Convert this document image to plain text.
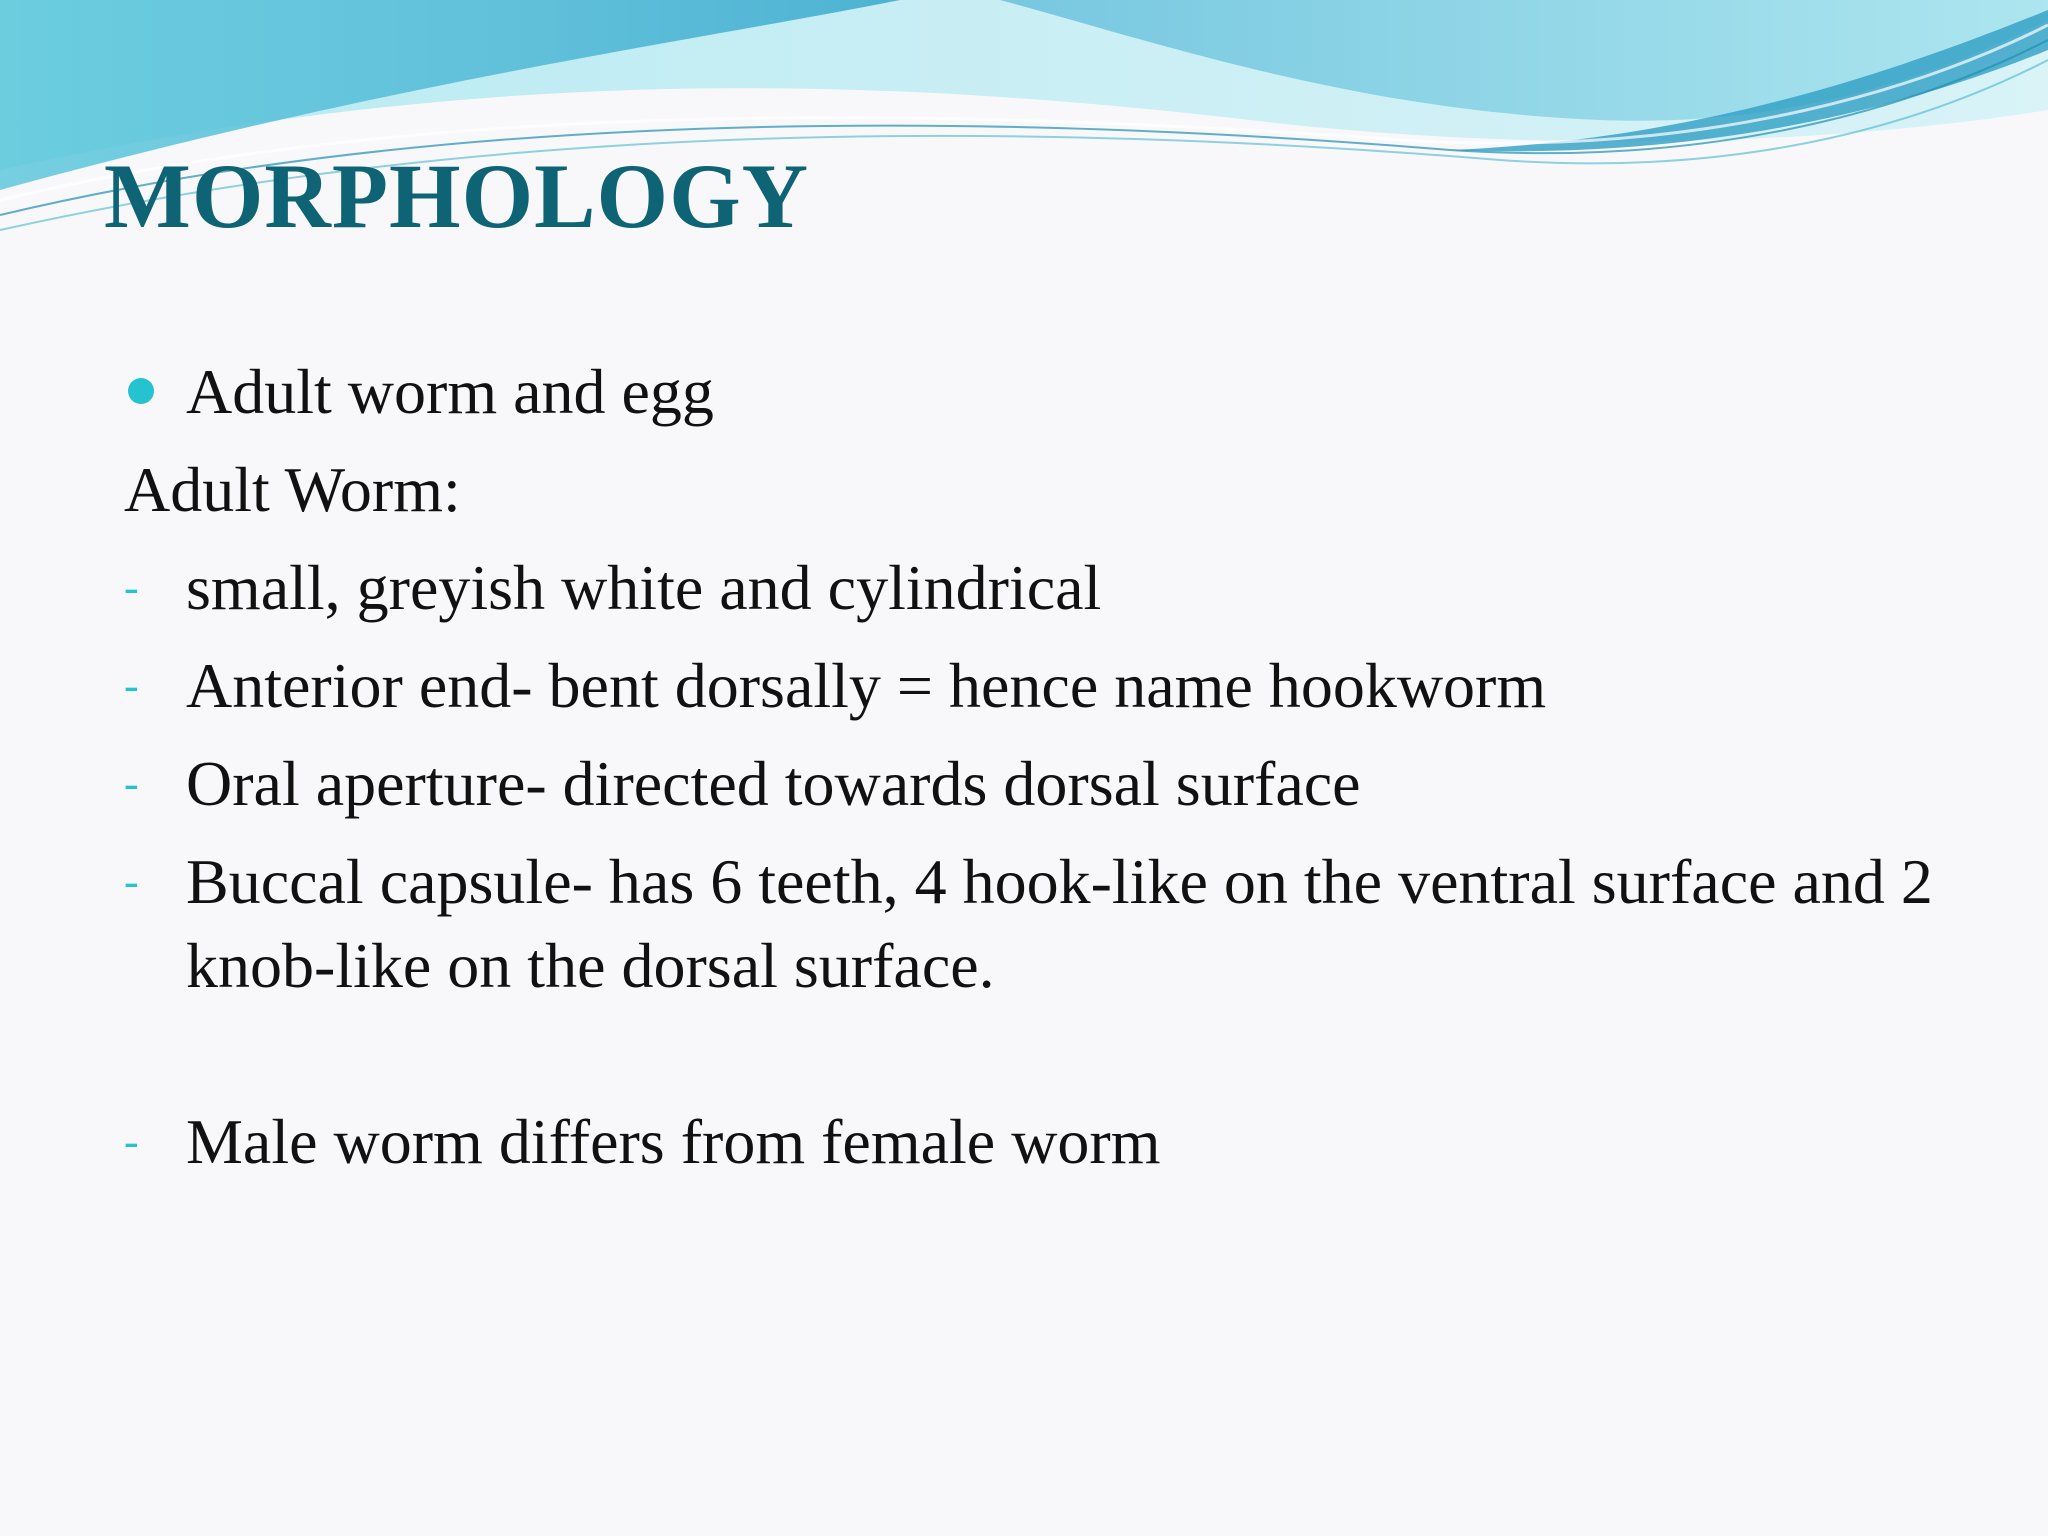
MORPHOLOGY
Adult worm and egg
Adult Worm:
- small, greyish white and cylindrical
- Anterior end- bent dorsally = hence name hookworm
- Oral aperture- directed towards dorsal surface
- Buccal capsule- has 6 teeth, 4 hook-like on the ventral surface and 2 knob-like on the dorsal surface.
- Male worm differs from female worm
